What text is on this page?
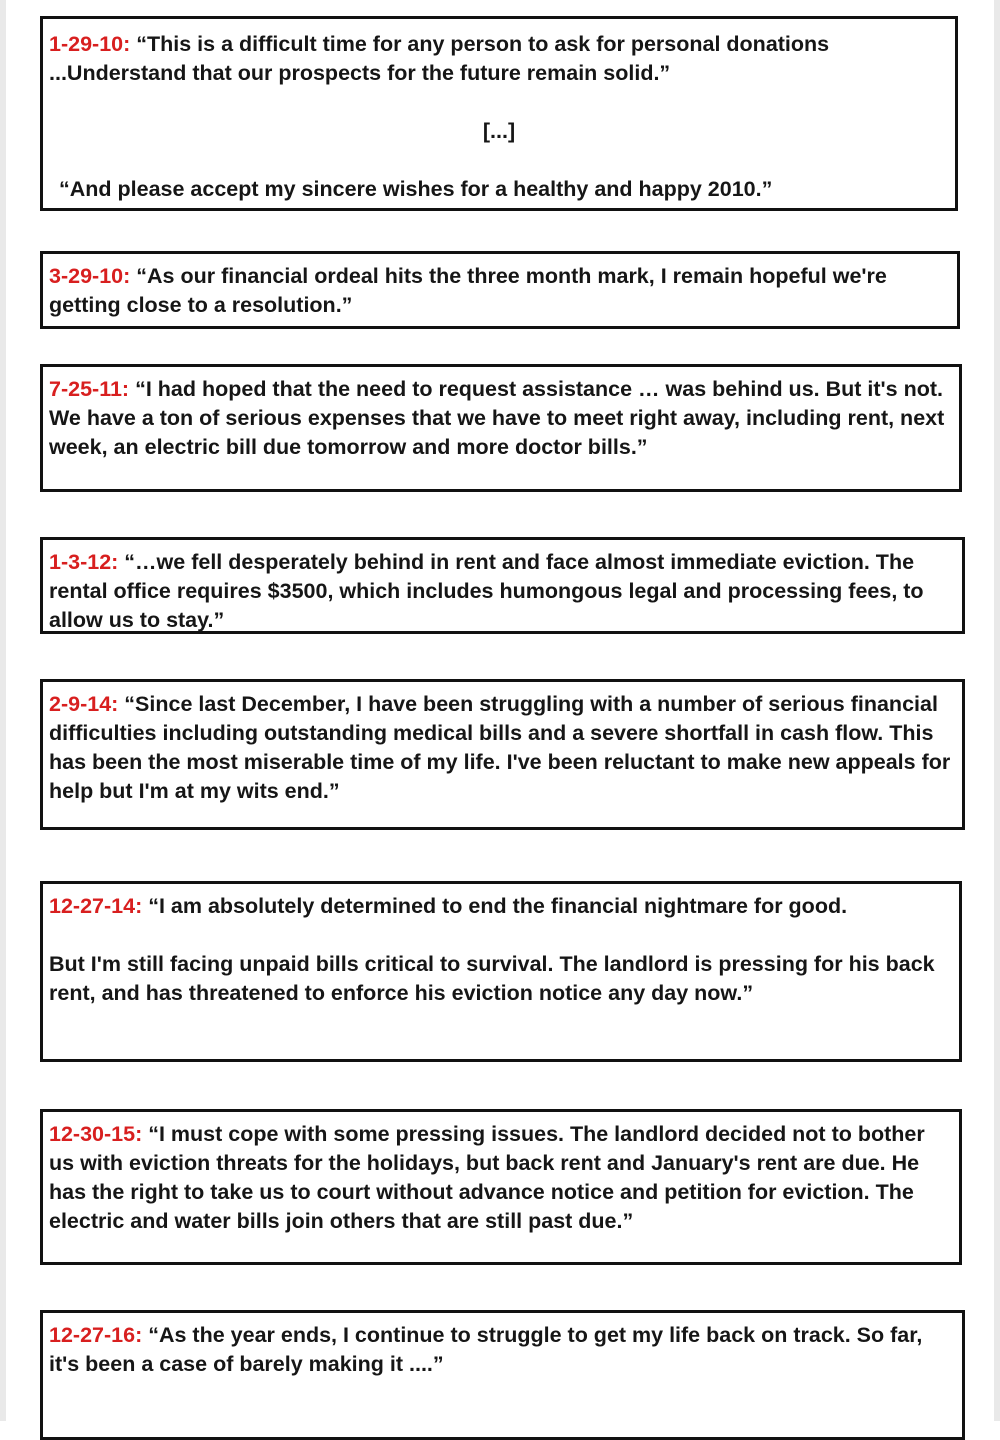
1-29-10: “This is a difficult time for any person to ask for personal donations ...Understand that our prospects for the future remain solid.”

[...]

“And please accept my sincere wishes for a healthy and happy 2010.”

3-29-10: “As our financial ordeal hits the three month mark, I remain hopeful we're getting close to a resolution.”

7-25-11: “I had hoped that the need to request assistance … was behind us. But it's not. We have a ton of serious expenses that we have to meet right away, including rent, next week, an electric bill due tomorrow and more doctor bills.”

1-3-12: “…we fell desperately behind in rent and face almost immediate eviction. The rental office requires $3500, which includes humongous legal and processing fees, to allow us to stay.”

2-9-14: “Since last December, I have been struggling with a number of serious financial difficulties including outstanding medical bills and a severe shortfall in cash flow. This has been the most miserable time of my life. I've been reluctant to make new appeals for help but I'm at my wits end.”

12-27-14: “I am absolutely determined to end the financial nightmare for good.

But I'm still facing unpaid bills critical to survival. The landlord is pressing for his back rent, and has threatened to enforce his eviction notice any day now.”

12-30-15: “I must cope with some pressing issues. The landlord decided not to bother us with eviction threats for the holidays, but back rent and January's rent are due. He has the right to take us to court without advance notice and petition for eviction. The electric and water bills join others that are still past due.”

12-27-16: “As the year ends, I continue to struggle to get my life back on track. So far, it's been a case of barely making it ....”
